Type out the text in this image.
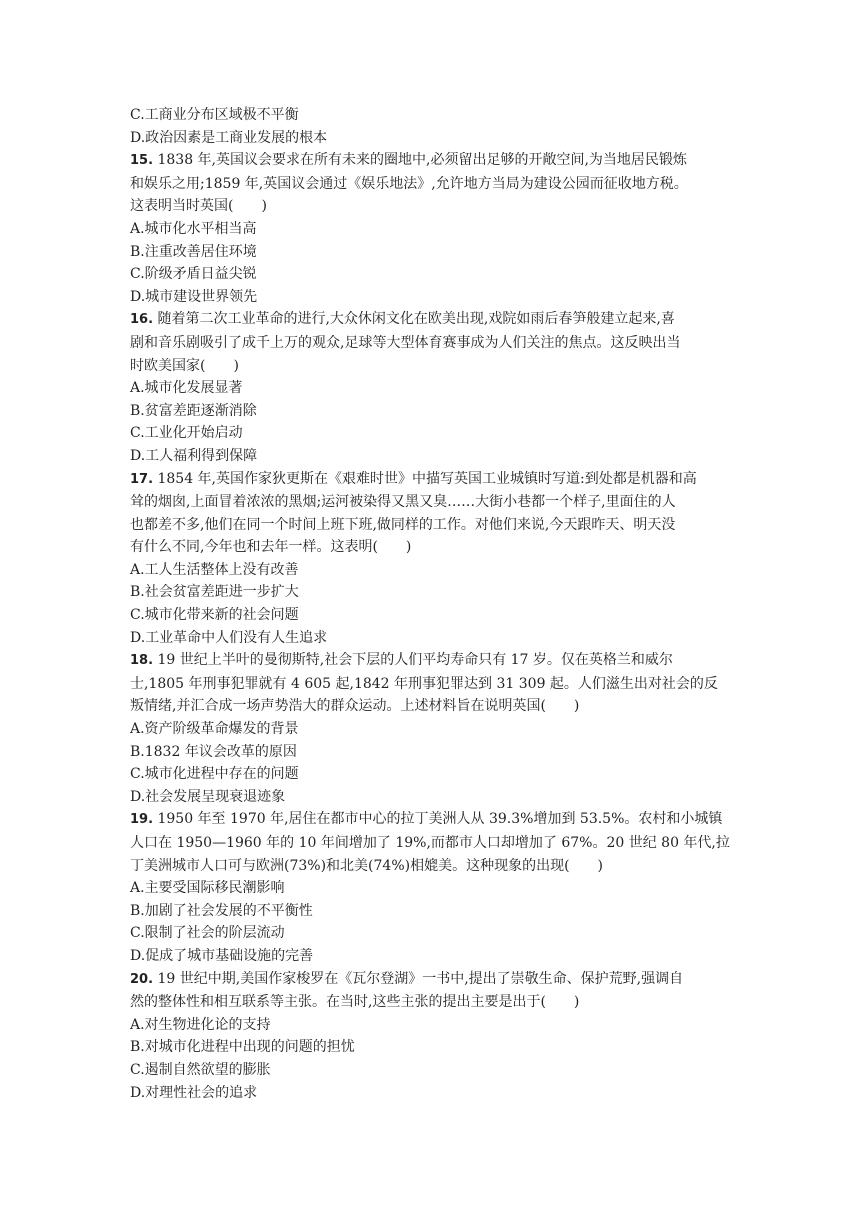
C.工商业分布区域极不平衡
D.政治因素是工商业发展的根本
15. 1838 年,英国议会要求在所有未来的圈地中,必须留出足够的开敞空间,为当地居民锻炼
和娱乐之用;1859 年,英国议会通过《娱乐地法》,允许地方当局为建设公园而征收地方税。
这表明当时英国(　　)
A.城市化水平相当高
B.注重改善居住环境
C.阶级矛盾日益尖锐
D.城市建设世界领先
16. 随着第二次工业革命的进行,大众休闲文化在欧美出现,戏院如雨后春笋般建立起来,喜
剧和音乐剧吸引了成千上万的观众,足球等大型体育赛事成为人们关注的焦点。这反映出当
时欧美国家(　　)
A.城市化发展显著
B.贫富差距逐渐消除
C.工业化开始启动
D.工人福利得到保障
17. 1854 年,英国作家狄更斯在《艰难时世》中描写英国工业城镇时写道:到处都是机器和高
耸的烟囱,上面冒着浓浓的黑烟;运河被染得又黑又臭……大街小巷都一个样子,里面住的人
也都差不多,他们在同一个时间上班下班,做同样的工作。对他们来说,今天跟昨天、明天没
有什么不同,今年也和去年一样。这表明(　　)
A.工人生活整体上没有改善
B.社会贫富差距进一步扩大
C.城市化带来新的社会问题
D.工业革命中人们没有人生追求
18. 19 世纪上半叶的曼彻斯特,社会下层的人们平均寿命只有 17 岁。仅在英格兰和威尔
士,1805 年刑事犯罪就有 4 605 起,1842 年刑事犯罪达到 31 309 起。人们滋生出对社会的反
叛情绪,并汇合成一场声势浩大的群众运动。上述材料旨在说明英国(　　)
A.资产阶级革命爆发的背景
B.1832 年议会改革的原因
C.城市化进程中存在的问题
D.社会发展呈现衰退迹象
19. 1950 年至 1970 年,居住在都市中心的拉丁美洲人从 39.3%增加到 53.5%。农村和小城镇
人口在 1950—1960 年的 10 年间增加了 19%,而都市人口却增加了 67%。20 世纪 80 年代,拉
丁美洲城市人口可与欧洲(73%)和北美(74%)相媲美。这种现象的出现(　　)
A.主要受国际移民潮影响
B.加剧了社会发展的不平衡性
C.限制了社会的阶层流动
D.促成了城市基础设施的完善
20. 19 世纪中期,美国作家梭罗在《瓦尔登湖》一书中,提出了崇敬生命、保护荒野,强调自
然的整体性和相互联系等主张。在当时,这些主张的提出主要是出于(　　)
A.对生物进化论的支持
B.对城市化进程中出现的问题的担忧
C.遏制自然欲望的膨胀
D.对理性社会的追求
